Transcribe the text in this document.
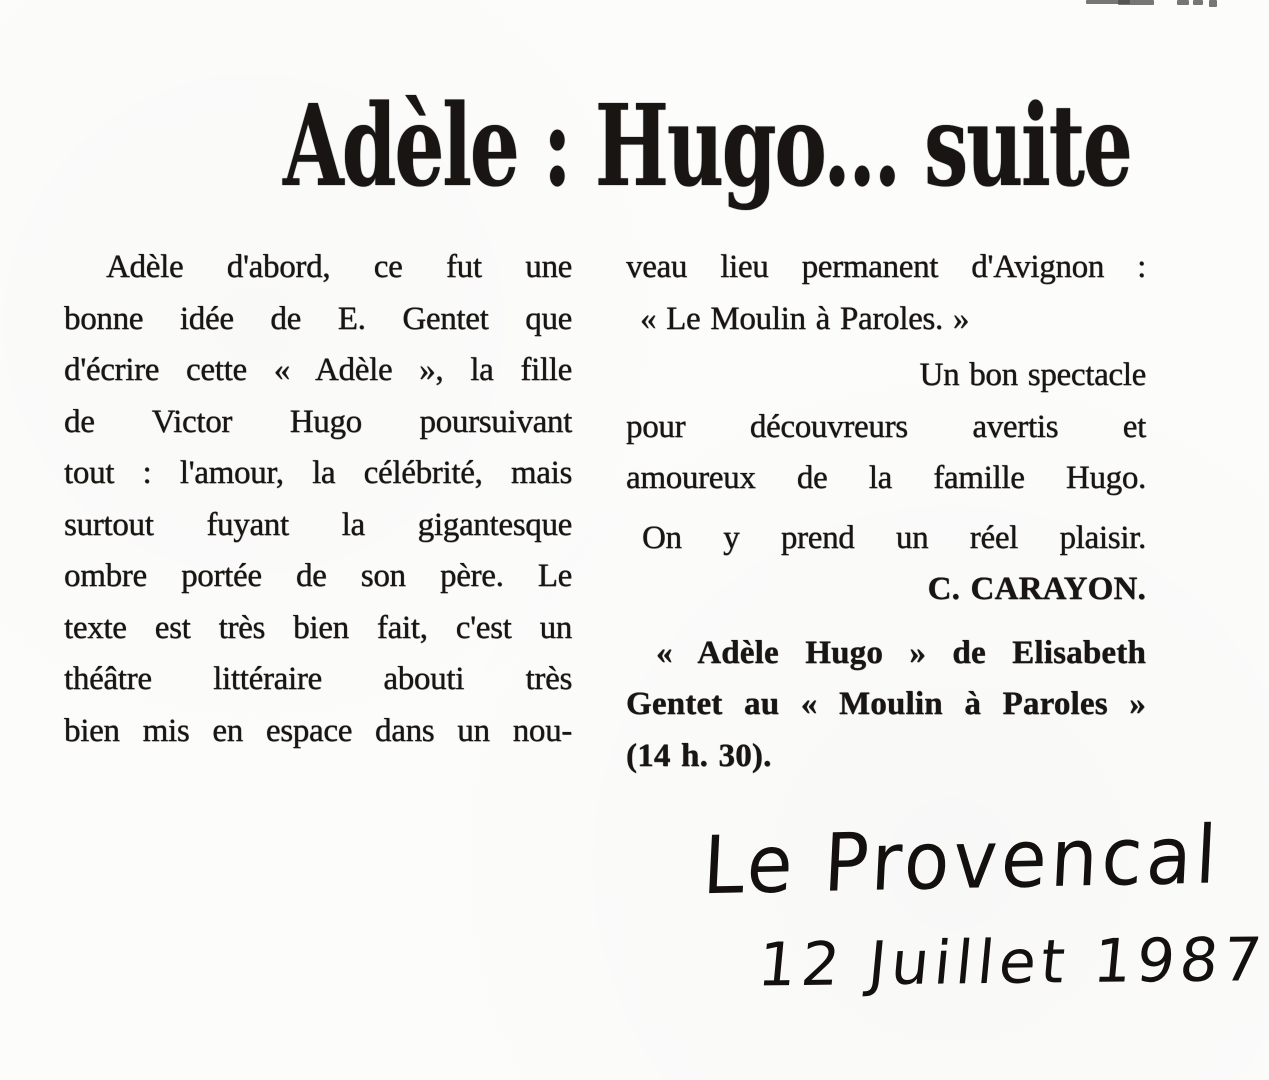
Adèle : Hugo... suite
Adèle d'abord, ce fut une
bonne idée de E. Gentet que
d'écrire cette « Adèle », la fille
de Victor Hugo poursuivant
tout : l'amour, la célébrité, mais
surtout fuyant la gigantesque
ombre portée de son père. Le
texte est très bien fait, c'est un
théâtre littéraire abouti très
bien mis en espace dans un nou-
veau lieu permanent d'Avignon :
« Le Moulin à Paroles. »
Un bon spectacle
pour découvreurs avertis et
amoureux de la famille Hugo.
On y prend un réel plaisir.
C. CARAYON.
« Adèle Hugo » de Elisabeth
Gentet au « Moulin à Paroles »
(14 h. 30).
Le Provencal
12 Juillet 1987
